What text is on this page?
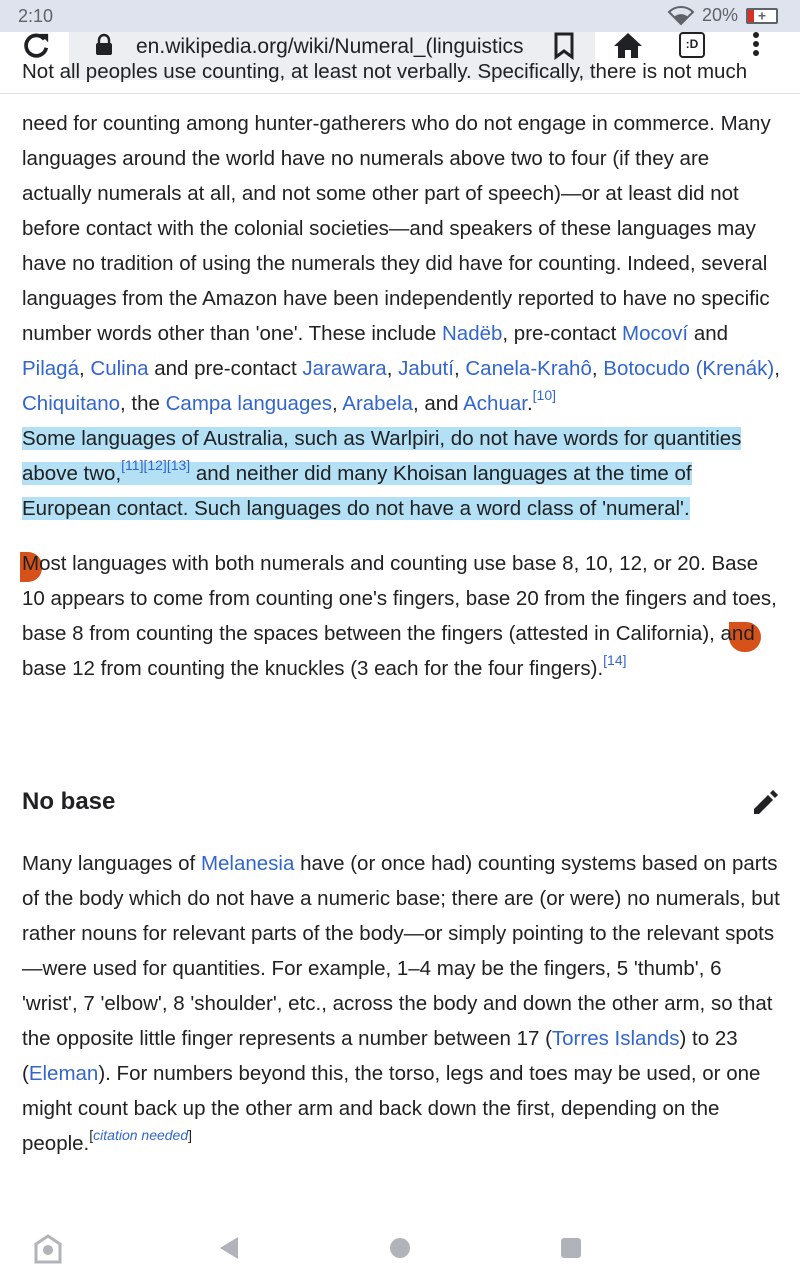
2:10	20% +
en.wikipedia.org/wiki/Numeral_(linguistics	:D
Not all peoples use counting, at least not verbally. Specifically, there is not much

need for counting among hunter-gatherers who do not engage in commerce. Many languages around the world have no numerals above two to four (if they are actually numerals at all, and not some other part of speech)—or at least did not before contact with the colonial societies—and speakers of these languages may have no tradition of using the numerals they did have for counting. Indeed, several languages from the Amazon have been independently reported to have no specific number words other than 'one'. These include Nadëb, pre-contact Mocoví and Pilagá, Culina and pre-contact Jarawara, Jabutí, Canela-Krahô, Botocudo (Krenák), Chiquitano, the Campa languages, Arabela, and Achuar.[10]
Some languages of Australia, such as Warlpiri, do not have words for quantities above two,[11][12][13] and neither did many Khoisan languages at the time of European contact. Such languages do not have a word class of 'numeral'.

Most languages with both numerals and counting use base 8, 10, 12, or 20. Base 10 appears to come from counting one's fingers, base 20 from the fingers and toes, base 8 from counting the spaces between the fingers (attested in California), and base 12 from counting the knuckles (3 each for the four fingers).[14]

No base

Many languages of Melanesia have (or once had) counting systems based on parts of the body which do not have a numeric base; there are (or were) no numerals, but rather nouns for relevant parts of the body—or simply pointing to the relevant spots—were used for quantities. For example, 1–4 may be the fingers, 5 'thumb', 6 'wrist', 7 'elbow', 8 'shoulder', etc., across the body and down the other arm, so that the opposite little finger represents a number between 17 (Torres Islands) to 23 (Eleman). For numbers beyond this, the torso, legs and toes may be used, or one might count back up the other arm and back down the first, depending on the people.[citation needed]
